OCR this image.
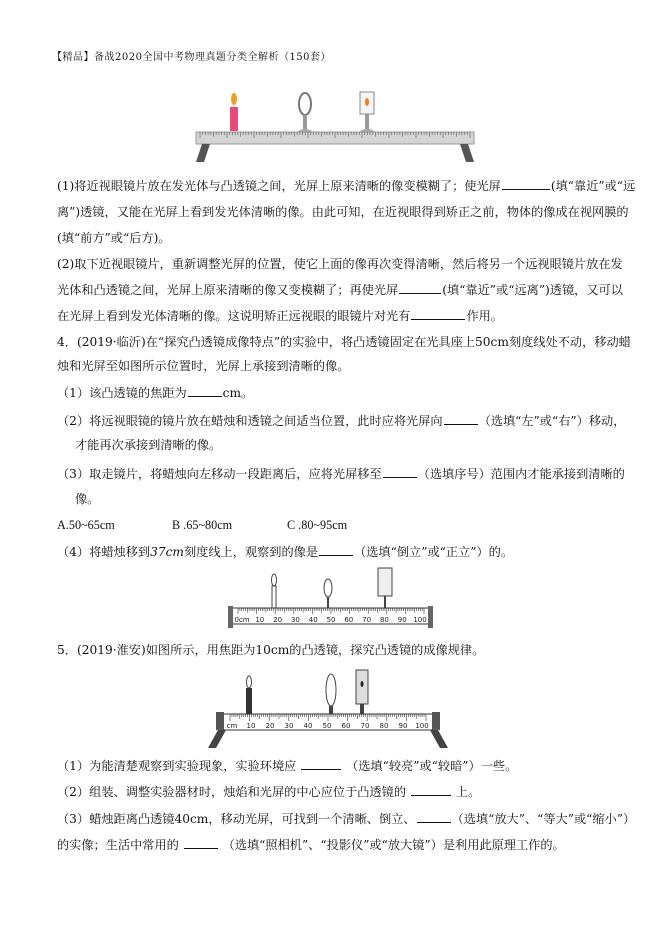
【精品】备战2020全国中考物理真题分类全解析（150套）
(1)将近视眼镜片放在发光体与凸透镜之间，光屏上原来清晰的像变模糊了；使光屏	(填“靠近”或“远
离”)透镜，又能在光屏上看到发光体清晰的像。由此可知，在近视眼得到矫正之前，物体的像成在视网膜的
(填“前方”或“后方)。
(2)取下近视眼镜片，重新调整光屏的位置，使它上面的像再次变得清晰，然后将另一个远视眼镜片放在发
光体和凸透镜之间，光屏上原来清晰的像又变模糊了；再使光屏	(填“靠近”或“远离”)透镜，又可以
在光屏上看到发光体清晰的像。这说明矫正远视眼的眼镜片对光有	作用。
4．(2019·临沂)在“探究凸透镜成像特点”的实验中，将凸透镜固定在光具座上50cm刻度线处不动，移动蜡
烛和光屏至如图所示位置时，光屏上承接到清晰的像。
（1）该凸透镜的焦距为	cm。
（2）将远视眼镜的镜片放在蜡烛和透镜之间适当位置，此时应将光屏向	（选填“左”或“右”）移动，
才能再次承接到清晰的像。
（3）取走镜片，将蜡烛向左移动一段距离后，应将光屏移至	（选填序号）范围内才能承接到清晰的
像。
A.50~65cm	B .65~80cm	C .80~95cm
（4）将蜡烛移到37cm刻度线上，观察到的像是	（选填“倒立”或“正立”）的。
0cm 10 20 30 40 50 60 70 80 90 100
5．(2019·淮安)如图所示，用焦距为10cm的凸透镜，探究凸透镜的成像规律。
cm 10 20 30 40 50 60 70 80 90 100
（1）为能清楚观察到实验现象，实验环境应	（选填“较亮”或“较暗”）一些。
（2）组装、调整实验器材时，烛焰和光屏的中心应位于凸透镜的	上。
（3）蜡烛距离凸透镜40cm，移动光屏，可找到一个清晰、倒立、	（选填“放大”、“等大”或“缩小”）
的实像；生活中常用的	（选填“照相机”、“投影仪”或“放大镜”）是利用此原理工作的。
